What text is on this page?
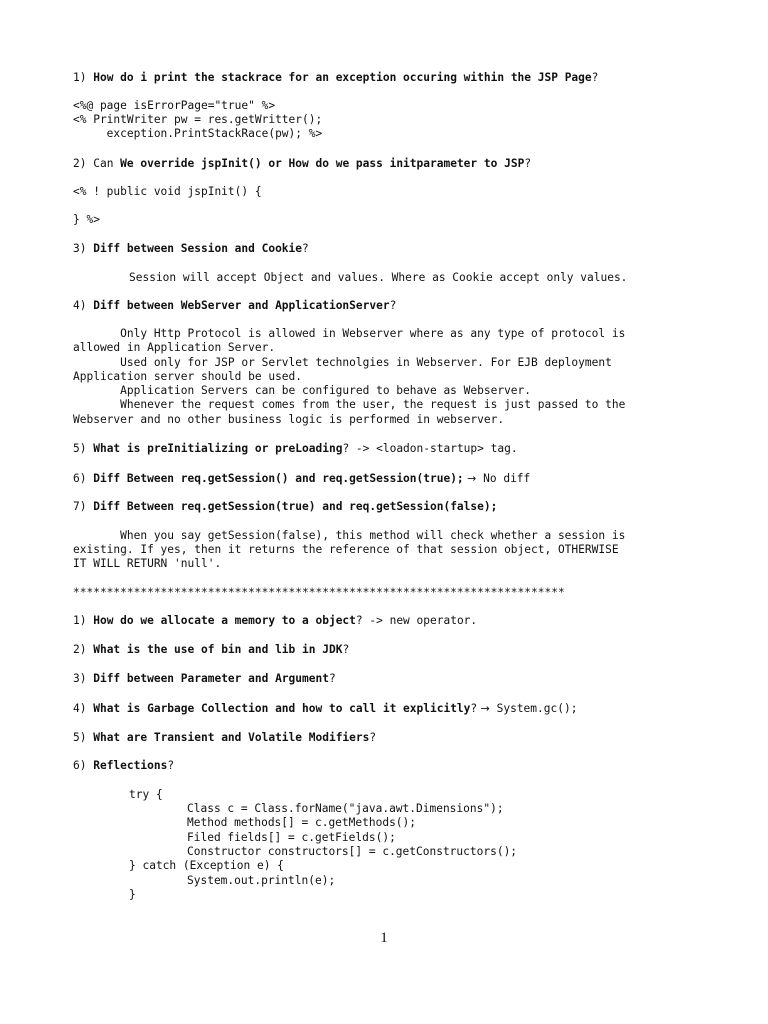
1) How do i print the stackrace for an exception occuring within the JSP Page?
<%@ page isErrorPage="true" %>
<% PrintWriter pw = res.getWritter();
exception.PrintStackRace(pw); %>
2) Can We override jspInit() or How do we pass initparameter to JSP?
<% ! public void jspInit() {
} %>
3) Diff between Session and Cookie?
Session will accept Object and values. Where as Cookie accept only values.
4) Diff between WebServer and ApplicationServer?
Only Http Protocol is allowed in Webserver where as any type of protocol is
allowed in Application Server.
Used only for JSP or Servlet technolgies in Webserver. For EJB deployment
Application server should be used.
Application Servers can be configured to behave as Webserver.
Whenever the request comes from the user, the request is just passed to the
Webserver and no other business logic is performed in webserver.
5) What is preInitializing or preLoading? -> <loadon-startup> tag.
6) Diff Between req.getSession() and req.getSession(true); → No diff
7) Diff Between req.getSession(true) and req.getSession(false);
When you say getSession(false), this method will check whether a session is
existing. If yes, then it returns the reference of that session object, OTHERWISE
IT WILL RETURN 'null'.
*************************************************************************
1) How do we allocate a memory to a object? -> new operator.
2) What is the use of bin and lib in JDK?
3) Diff between Parameter and Argument?
4) What is Garbage Collection and how to call it explicitly? → System.gc();
5) What are Transient and Volatile Modifiers?
6) Reflections?
try {
Class c = Class.forName("java.awt.Dimensions");
Method methods[] = c.getMethods();
Filed fields[] = c.getFields();
Constructor constructors[] = c.getConstructors();
} catch (Exception e) {
System.out.println(e);
}
1
